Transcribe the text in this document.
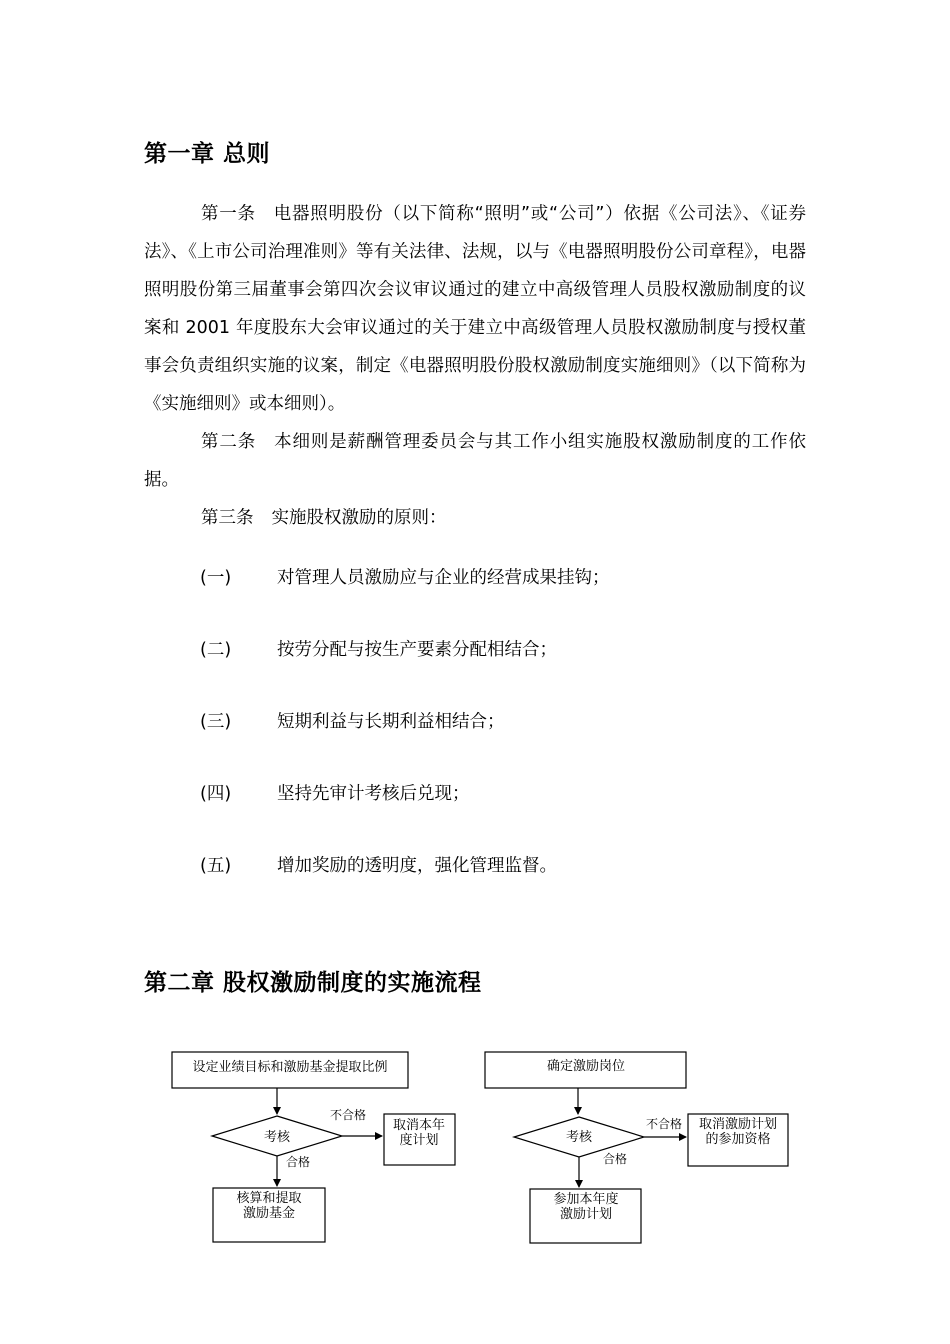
第一章 总则

第一条 电器照明股份（以下简称“照明”或“公司”）依据《公司法》、《证券法》、《上市公司治理准则》等有关法律、法规，以与《电器照明股份公司章程》，电器照明股份第三届董事会第四次会议审议通过的建立中高级管理人员股权激励制度的议案和 2001 年度股东大会审议通过的关于建立中高级管理人员股权激励制度与授权董事会负责组织实施的议案，制定《电器照明股份股权激励制度实施细则》（以下简称为《实施细则》或本细则）。

第二条 本细则是薪酬管理委员会与其工作小组实施股权激励制度的工作依据。

第三条 实施股权激励的原则：

(一)	对管理人员激励应与企业的经营成果挂钩；

(二)	按劳分配与按生产要素分配相结合；

(三)	短期利益与长期利益相结合；

(四)	坚持先审计考核后兑现；

(五)	增加奖励的透明度，强化管理监督。

第二章 股权激励制度的实施流程
设定业绩目标和激励基金提取比例
考核
不合格
取消本年
度计划
合格
核算和提取
激励基金
确定激励岗位
考核
不合格 取消激励计划
的参加资格
合格
参加本年度
激励计划
